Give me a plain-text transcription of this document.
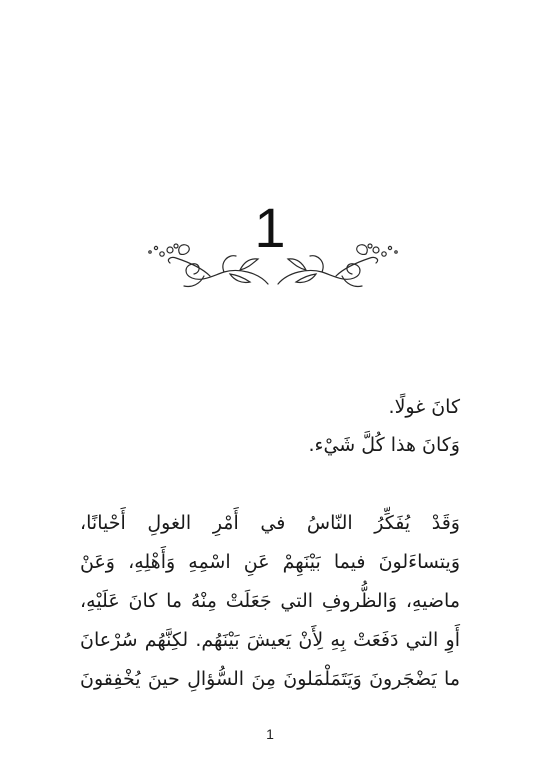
1
كانَ غولًا.
وَكانَ هذا كُلَّ شَيْء.
وَقَدْ يُفَكِّرُ النّاسُ في أَمْرِ الغولِ أَحْيانًا،
وَيتساءَلونَ فيما بَيْنَهِمْ عَنِ اسْمِهِ وَأَهْلِهِ، وَعَنْ
ماضيهِ، وَالظُّروفِ التي جَعَلَتْ مِنْهُ ما كانَ عَلَيْهِ،
أَوِ التي دَفَعَتْ بِهِ لِأَنْ يَعيشَ بَيْنَهُم. لكِنَّهُم سُرْعانَ
ما يَضْجَرونَ وَيَتَمَلْمَلونَ مِنَ السُّؤالِ حينَ يُخْفِقونَ
1
